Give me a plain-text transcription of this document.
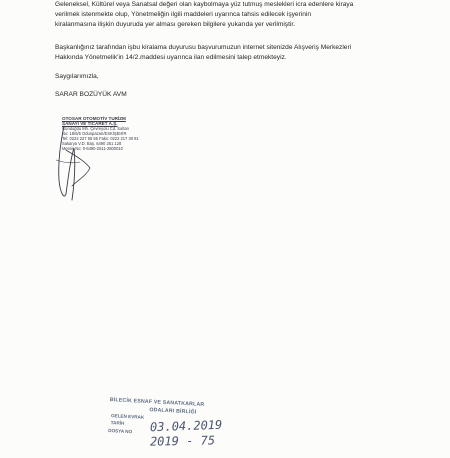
Geleneksel, Kültürel veya Sanatsal değeri olan kaybolmaya yüz tutmuş meslekleri icra edenlere kiraya
verilmek istenmekte olup, Yönetmeliğin ilgili maddeleri uyarınca tahsis edilecek işyerinin
kiralanmasına ilişkin duyuruda yer alması gereken bilgilere yukarıda yer verilmiştir.
Başkanlığınız tarafından işbu kiralama duyurusu başvurumuzun internet sitenizde Alışveriş Merkezleri
Hakkında Yönetmelik'in 14/2.maddesi uyarınca ilan edilmesini talep etmekteyiz.
Saygılarımızla,
SARAR BOZÜYÜK AVM
OTOSAR OTOMOTİV TURİZM
SANAYİ VE TİCARET A.Ş.
Gündoğdu Mh. Çevreyolu Cd. Sultan
No: 18/6/5 Odunpazarı/ESKİŞEHİR
Tel: 0222 227 55 55 Faks: 0222 217 30 91
Sakarya V.D. Baş. 6490 251 128
Mersis No: 0-6490-2511-2800010
BİLECİK ESNAF VE SANATKARLAR
ODALARI BİRLİĞİ
GELEN EVRAK
TARİH
DOSYA NO 03.04.2019
2019 - 75
